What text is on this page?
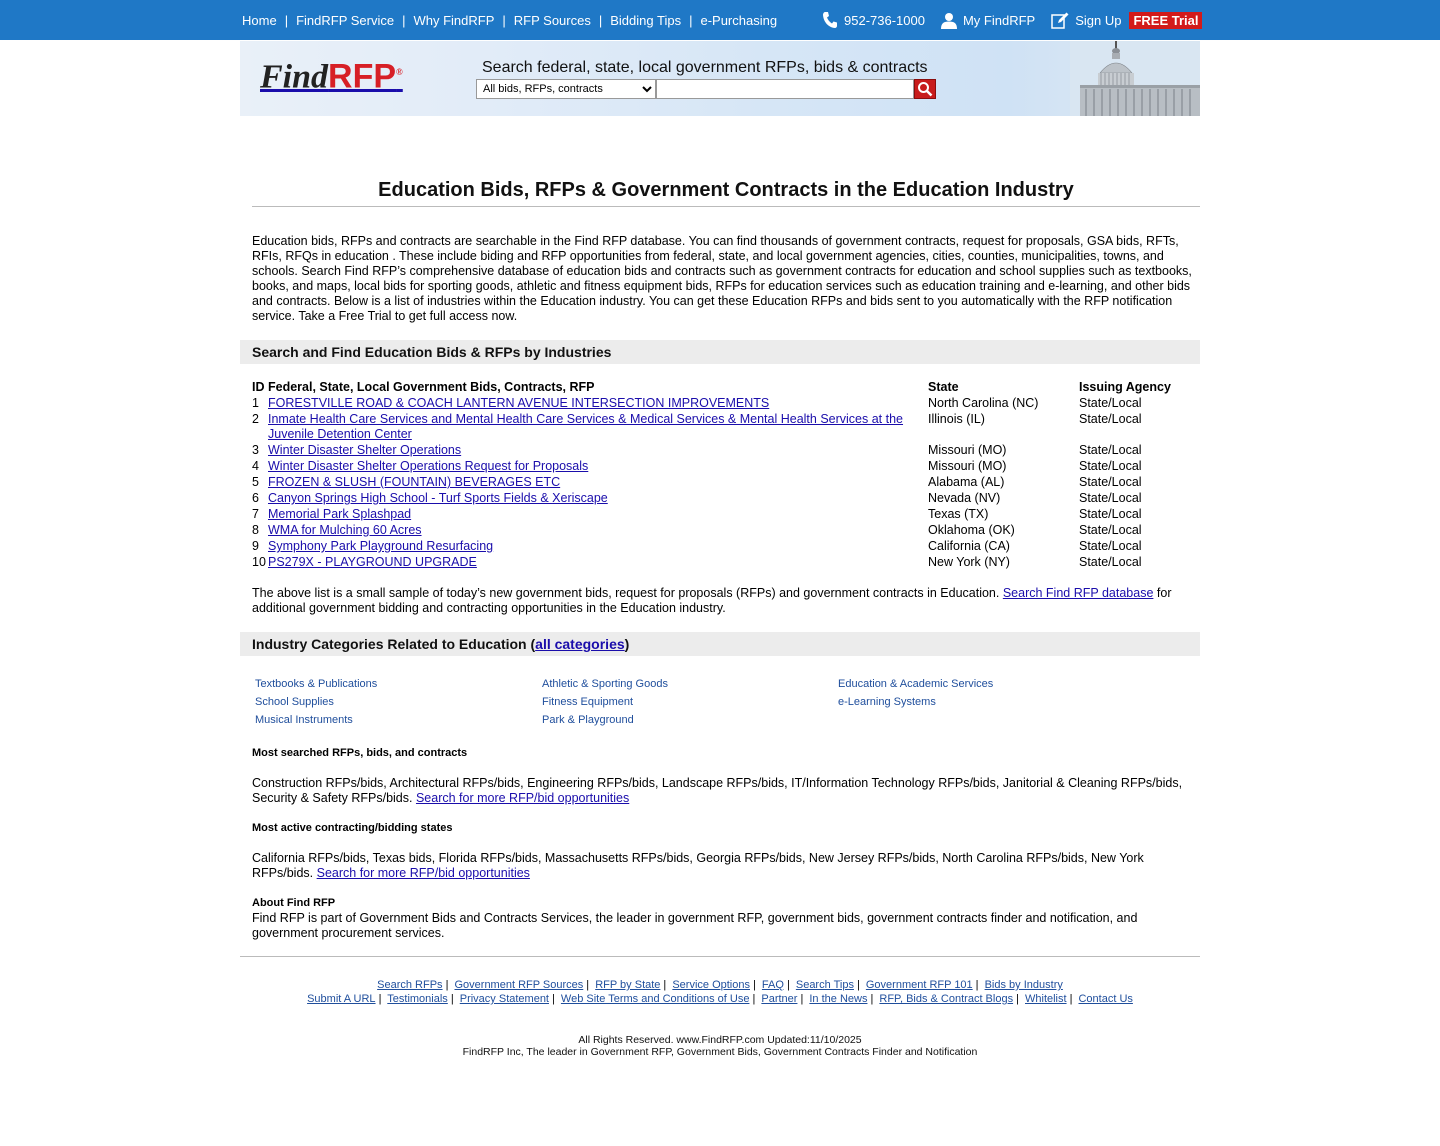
Home | FindRFP Service | Why FindRFP | RFP Sources | Bidding Tips | e-Purchasing	952-736-1000	My FindRFP	Sign Up FREE Trial
FindRFP®	Search federal, state, local government RFPs, bids & contracts
All bids, RFPs, contracts
Education Bids, RFPs & Government Contracts in the Education Industry

Education bids, RFPs and contracts are searchable in the Find RFP database. You can find thousands of government contracts, request for proposals, GSA bids, RFTs, RFIs, RFQs in education . These include biding and RFP opportunities from federal, state, and local government agencies, cities, counties, municipalities, towns, and schools. Search Find RFP’s comprehensive database of education bids and contracts such as government contracts for education and school supplies such as textbooks, books, and maps, local bids for sporting goods, athletic and fitness equipment bids, RFPs for education services such as education training and e-learning, and other bids and contracts. Below is a list of industries within the Education industry. You can get these Education RFPs and bids sent to you automatically with the RFP notification service. Take a Free Trial to get full access now.

Search and Find Education Bids & RFPs by Industries
ID	Federal, State, Local Government Bids, Contracts, RFP	State	Issuing Agency
1	FORESTVILLE ROAD & COACH LANTERN AVENUE INTERSECTION IMPROVEMENTS	North Carolina (NC)	State/Local
2	Inmate Health Care Services and Mental Health Care Services & Medical Services & Mental Health Services at the Juvenile Detention Center	Illinois (IL)	State/Local
3	Winter Disaster Shelter Operations	Missouri (MO)	State/Local
4	Winter Disaster Shelter Operations Request for Proposals	Missouri (MO)	State/Local
5	FROZEN & SLUSH (FOUNTAIN) BEVERAGES ETC	Alabama (AL)	State/Local
6	Canyon Springs High School - Turf Sports Fields & Xeriscape	Nevada (NV)	State/Local
7	Memorial Park Splashpad	Texas (TX)	State/Local
8	WMA for Mulching 60 Acres	Oklahoma (OK)	State/Local
9	Symphony Park Playground Resurfacing	California (CA)	State/Local
10	PS279X - PLAYGROUND UPGRADE	New York (NY)	State/Local

The above list is a small sample of today’s new government bids, request for proposals (RFPs) and government contracts in Education. Search Find RFP database for additional government bidding and contracting opportunities in the Education industry.

Industry Categories Related to Education (all categories)
Textbooks & Publications
School Supplies
Musical Instruments
Athletic & Sporting Goods
Fitness Equipment
Park & Playground
Education & Academic Services
e-Learning Systems

Most searched RFPs, bids, and contracts

Construction RFPs/bids, Architectural RFPs/bids, Engineering RFPs/bids, Landscape RFPs/bids, IT/Information Technology RFPs/bids, Janitorial & Cleaning RFPs/bids, Security & Safety RFPs/bids. Search for more RFP/bid opportunities

Most active contracting/bidding states

California RFPs/bids, Texas bids, Florida RFPs/bids, Massachusetts RFPs/bids, Georgia RFPs/bids, New Jersey RFPs/bids, North Carolina RFPs/bids, New York RFPs/bids. Search for more RFP/bid opportunities

About Find RFP

Find RFP is part of Government Bids and Contracts Services, the leader in government RFP, government bids, government contracts finder and notification, and government procurement services.

Search RFPs | Government RFP Sources | RFP by State | Service Options | FAQ | Search Tips | Government RFP 101 | Bids by Industry
Submit A URL | Testimonials | Privacy Statement | Web Site Terms and Conditions of Use | Partner | In the News | RFP, Bids & Contract Blogs | Whitelist | Contact Us
All Rights Reserved. www.FindRFP.com Updated:11/10/2025
FindRFP Inc, The leader in Government RFP, Government Bids, Government Contracts Finder and Notification
